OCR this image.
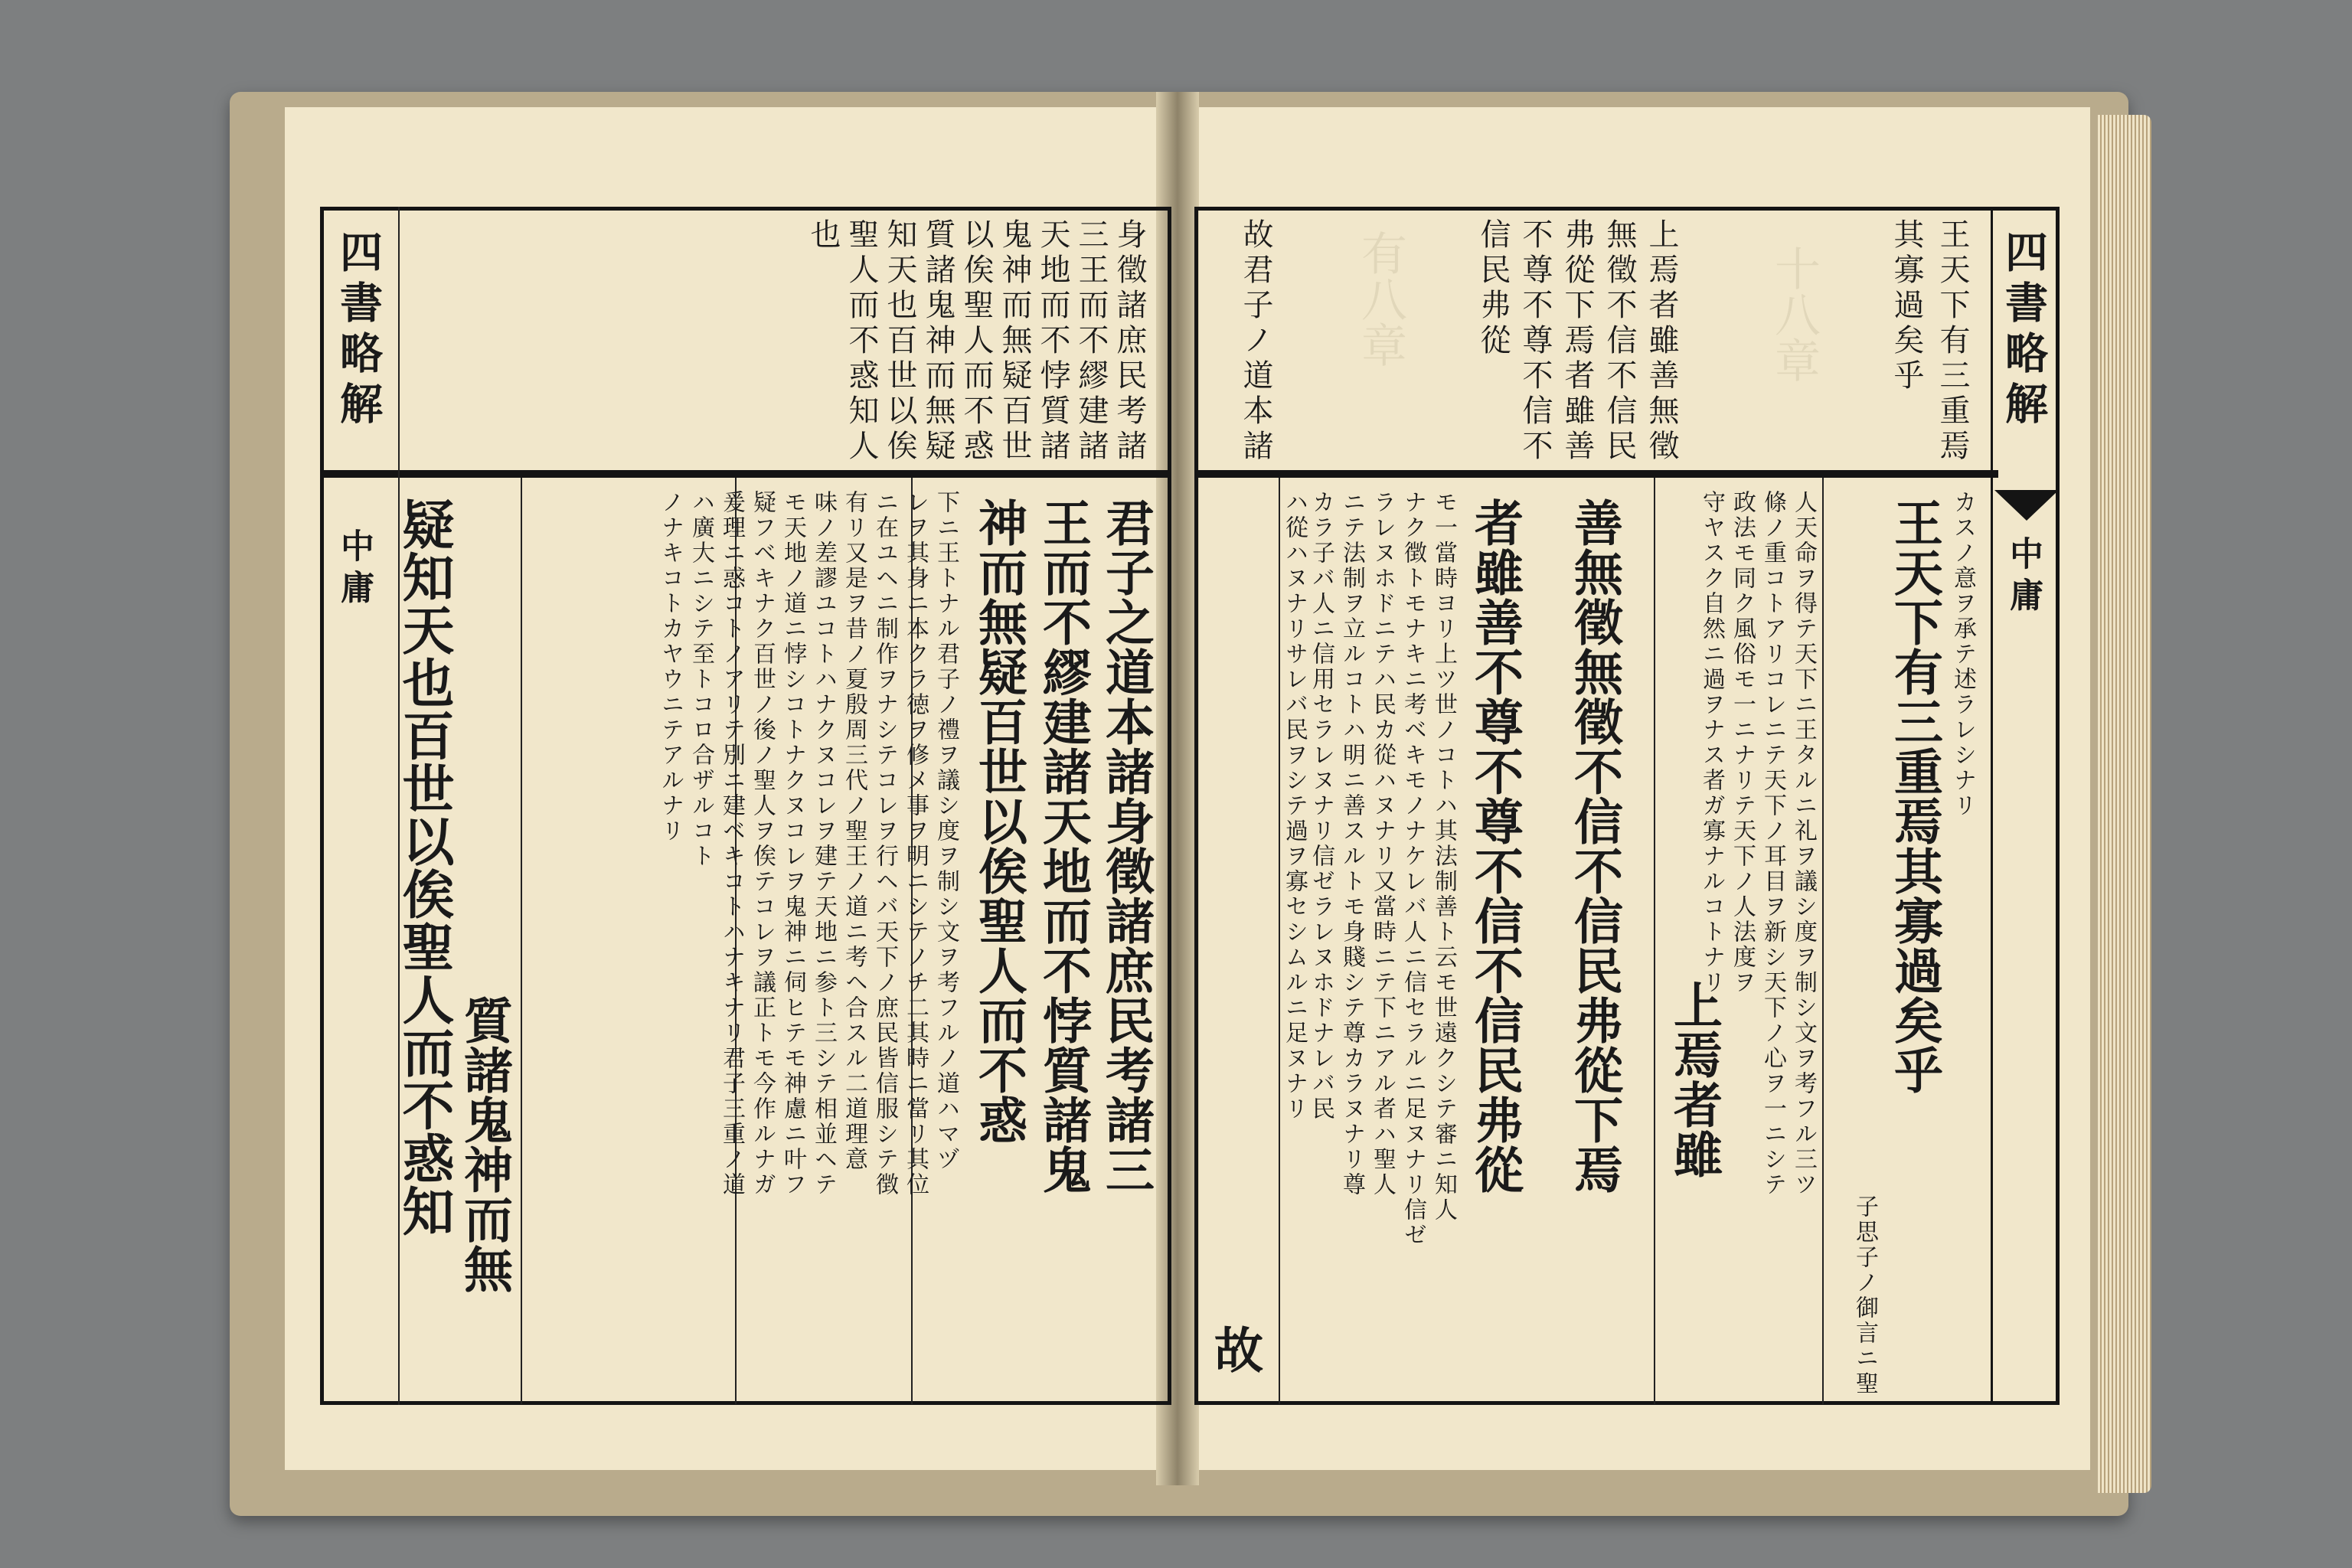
有八章	十八章
四書略解
中庸
身徵諸庶民考諸
三王而不繆建諸
天地而不悖質諸
鬼神而無疑百世
以俟聖人而不惑
質諸鬼神而無疑
知天也百世以俟
聖人而不惑知人
也
君子之道本諸身徵諸庶民考諸三
王而不繆建諸天地而不悖質諸鬼
神而無疑百世以俟聖人而不惑
下ニ王トナル君子ノ禮ヲ議シ度ヲ制シ文ヲ考フルノ道ハマヅ
レヲ其身ニ本クラ徳ヲ修メ事ヲ明ニシテノチ二其時ニ當リ其位
ニ在ユヘニ制作ヲナシテコレヲ行ヘバ天下ノ庶民皆信服シテ徴
有リ又是ヲ昔ノ夏殷周三代ノ聖王ノ道ニ考ヘ合スル二道理意
味ノ差謬ユコトハナクヌコレヲ建テ天地ニ参ト三シテ相並ヘテ
モ天地ノ道ニ悖シコトナクヌコレヲ鬼神ニ伺ヒテモ神慮ニ叶フ
疑フベキナク百世ノ後ノ聖人ヲ俟テコレヲ議正トモ今作ルナガ
爰理ニ惑コトノアリテ別ニ建ベキコトハナキナリ君子三重ノ道
ハ廣大ニシテ至トコロ合ザルコト
ノナキコトカヤウニテアルナリ
質諸鬼神而無
疑知天也百世以俟聖人而不惑知
四書略解
中庸
王天下有三重焉
其寡過矣乎
上焉者雖善無徵
無徵不信不信民
弗從下焉者雖善
不尊不尊不信不
信民弗從
故君子ノ道本諸
カスノ意ヲ承テ述ラレシナリ
王天下有三重焉其寡過矣乎
子思子ノ御言ニ聖
人天命ヲ得テ天下ニ王タルニ礼ヲ議シ度ヲ制シ文ヲ考フル三ツ
條ノ重コトアリコレニテ天下ノ耳目ヲ新シ天下ノ心ヲ一ニシテ
政法モ同ク風俗モ一ニナリテ天下ノ人法度ヲ
守ヤスク自然ニ過ヲナス者ガ寡ナルコトナリ
上焉者雖
善無徵無徵不信不信民弗從下焉
者雖善不尊不尊不信不信民弗從
モ一當時ヨリ上ツ世ノコトハ其法制善ト云モ世遠クシテ審ニ知人
ナク徴トモナキニ考ベキモノナケレバ人ニ信セラルニ足ヌナリ信ゼ
ラレヌホドニテハ民カ從ハヌナリ又當時ニテ下ニアル者ハ聖人
ニテ法制ヲ立ルコトハ明ニ善スルトモ身賤シテ尊カラヌナリ尊
カラ子バ人ニ信用セラレヌナリ信ゼラレヌホドナレバ民
ハ從ハヌナリサレバ民ヲシテ過ヲ寡セシムルニ足ヌナリ
故
